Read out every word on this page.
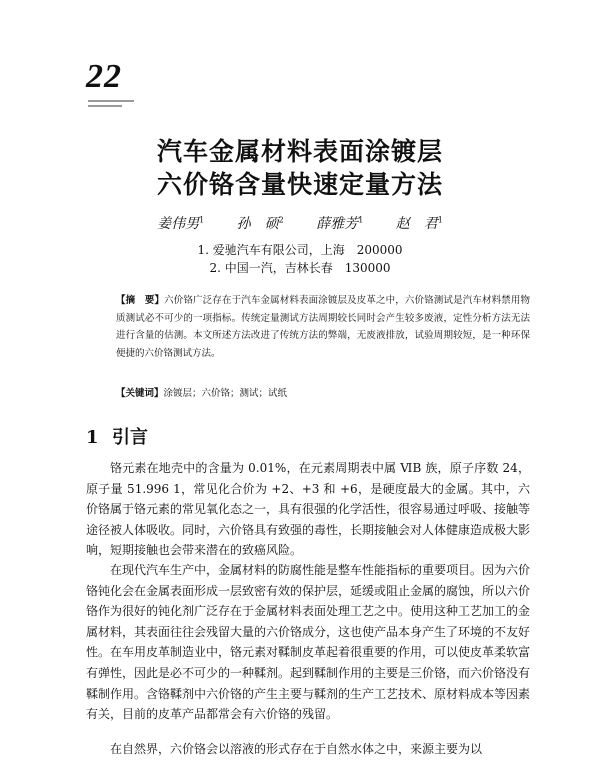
22
汽车金属材料表面涂镀层
六价铬含量快速定量方法
姜伟男$^1$ 孙　硕$^2$ 薛雅芳$^1$ 赵　君$^1$
1. 爱驰汽车有限公司，上海　200000
2. 中国一汽，吉林长春　130000
【摘　要】六价铬广泛存在于汽车金属材料表面涂镀层及皮革之中，六价铬测试是汽车材料禁用物质测试必不可少的一项指标。传统定量测试方法周期较长同时会产生较多废液，定性分析方法无法进行含量的估测。本文所述方法改进了传统方法的弊端，无废液排放，试验周期较短，是一种环保便捷的六价铬测试方法。
【关键词】涂镀层；六价铬；测试；试纸
1 引言
铬元素在地壳中的含量为 0.01%，在元素周期表中属 ⅥB 族，原子序数 24，原子量 51.996 1，常见化合价为 +2、+3 和 +6，是硬度最大的金属。其中，六价铬属于铬元素的常见氧化态之一，具有很强的化学活性，很容易通过呼吸、接触等途径被人体吸收。同时，六价铬具有致强的毒性，长期接触会对人体健康造成极大影响，短期接触也会带来潜在的致癌风险。
在现代汽车生产中，金属材料的防腐性能是整车性能指标的重要项目。因为六价铬钝化会在金属表面形成一层致密有效的保护层，延缓或阻止金属的腐蚀，所以六价铬作为很好的钝化剂广泛存在于金属材料表面处理工艺之中。使用这种工艺加工的金属材料，其表面往往会残留大量的六价铬成分，这也使产品本身产生了环境的不友好性。在车用皮革制造业中，铬元素对鞣制皮革起着很重要的作用，可以使皮革柔软富有弹性，因此是必不可少的一种鞣剂。起到鞣制作用的主要是三价铬，而六价铬没有鞣制作用。含铬鞣剂中六价铬的产生主要与鞣剂的生产工艺技术、原材料成本等因素有关，目前的皮革产品都常会有六价铬的残留。
在自然界，六价铬会以溶液的形式存在于自然水体之中，来源主要为以
